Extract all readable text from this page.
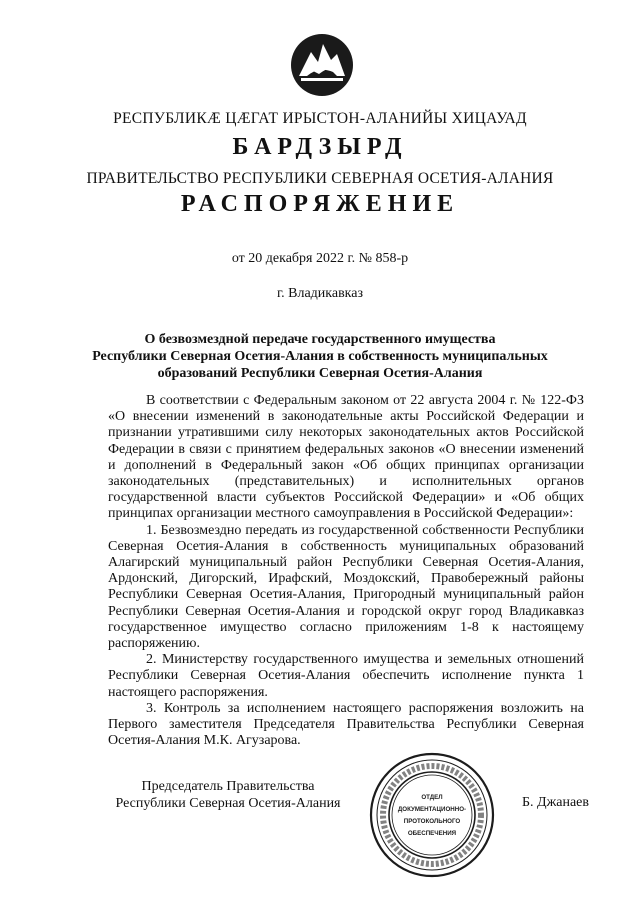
РЕСПУБЛИКӔ ЦӔГАТ ИРЫСТОН-АЛАНИЙЫ ХИЦАУАД
БАРДЗЫРД
ПРАВИТЕЛЬСТВО РЕСПУБЛИКИ СЕВЕРНАЯ ОСЕТИЯ-АЛАНИЯ
РАСПОРЯЖЕНИЕ
от 20 декабря 2022 г. № 858-р
г. Владикавказ
О безвозмездной передаче государственного имущества
Республики Северная Осетия-Алания в собственность муниципальных
образований Республики Северная Осетия-Алания

В соответствии с Федеральным законом от 22 августа 2004 г. № 122-ФЗ «О внесении изменений в законодательные акты Российской Федерации и признании утратившими силу некоторых законодательных актов Российской Федерации в связи с принятием федеральных законов «О внесении изменений и дополнений в Федеральный закон «Об общих принципах организации законодательных (представительных) и исполнительных органов государственной власти субъектов Российской Федерации» и «Об общих принципах организации местного самоуправления в Российской Федерации»:

1. Безвозмездно передать из государственной собственности Республики Северная Осетия-Алания в собственность муниципальных образований Алагирский муниципальный район Республики Северная Осетия-Алания, Ардонский, Дигорский, Ирафский, Моздокский, Правобережный районы Республики Северная Осетия-Алания, Пригородный муниципальный район Республики Северная Осетия-Алания и городской округ город Владикавказ государственное имущество согласно приложениям 1-8 к настоящему распоряжению.

2. Министерству государственного имущества и земельных отношений Республики Северная Осетия-Алания обеспечить исполнение пункта 1 настоящего распоряжения.

3. Контроль за исполнением настоящего распоряжения возложить на Первого заместителя Председателя Правительства Республики Северная Осетия-Алания М.К. Агузарова.

Председатель Правительства
Республики Северная Осетия-Алания	ОТДЕЛ
ДОКУМЕНТАЦИОННО-
ПРОТОКОЛЬНОГО
ОБЕСПЕЧЕНИЯ
Б. Джанаев
